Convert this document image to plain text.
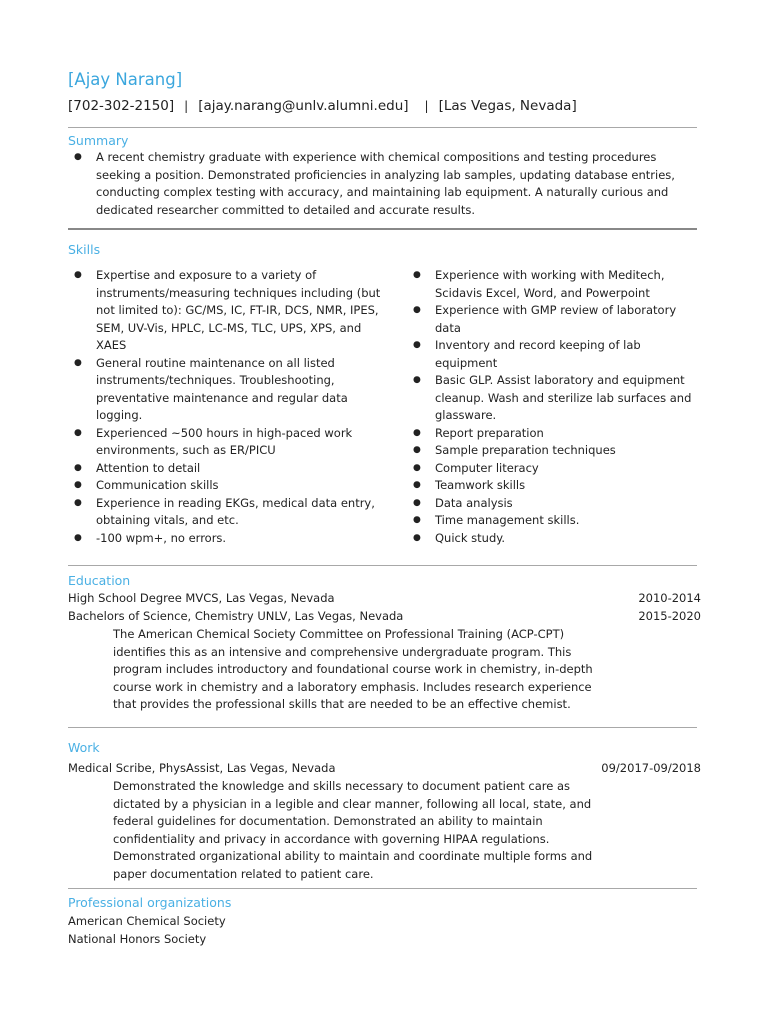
[Ajay Narang]
[702-302-2150] | [ajay.narang@unlv.alumni.edu] | [Las Vegas, Nevada]
Summary
● A recent chemistry graduate with experience with chemical compositions and testing procedures seeking a position. Demonstrated proficiencies in analyzing lab samples, updating database entries, conducting complex testing with accuracy, and maintaining lab equipment. A naturally curious and dedicated researcher committed to detailed and accurate results.
Skills
● Expertise and exposure to a variety of instruments/measuring techniques including (but not limited to): GC/MS, IC, FT-IR, DCS, NMR, IPES, SEM, UV-Vis, HPLC, LC-MS, TLC, UPS, XPS, and XAES
● General routine maintenance on all listed instruments/techniques. Troubleshooting, preventative maintenance and regular data logging.
● Experienced ~500 hours in high-paced work environments, such as ER/PICU
● Attention to detail
● Communication skills
● Experience in reading EKGs, medical data entry, obtaining vitals, and etc.
● -100 wpm+, no errors.
● Experience with working with Meditech, Scidavis Excel, Word, and Powerpoint
● Experience with GMP review of laboratory data
● Inventory and record keeping of lab equipment
● Basic GLP. Assist laboratory and equipment cleanup. Wash and sterilize lab surfaces and glassware.
● Report preparation
● Sample preparation techniques
● Computer literacy
● Teamwork skills
● Data analysis
● Time management skills.
● Quick study.
Education
High School Degree MVCS, Las Vegas, Nevada	2010-2014
Bachelors of Science, Chemistry UNLV, Las Vegas, Nevada	2015-2020
The American Chemical Society Committee on Professional Training (ACP-CPT) identifies this as an intensive and comprehensive undergraduate program. This program includes introductory and foundational course work in chemistry, in-depth course work in chemistry and a laboratory emphasis. Includes research experience that provides the professional skills that are needed to be an effective chemist.
Work
Medical Scribe, PhysAssist, Las Vegas, Nevada	09/2017-09/2018
Demonstrated the knowledge and skills necessary to document patient care as dictated by a physician in a legible and clear manner, following all local, state, and federal guidelines for documentation. Demonstrated an ability to maintain confidentiality and privacy in accordance with governing HIPAA regulations. Demonstrated organizational ability to maintain and coordinate multiple forms and paper documentation related to patient care.
Professional organizations
American Chemical Society
National Honors Society
